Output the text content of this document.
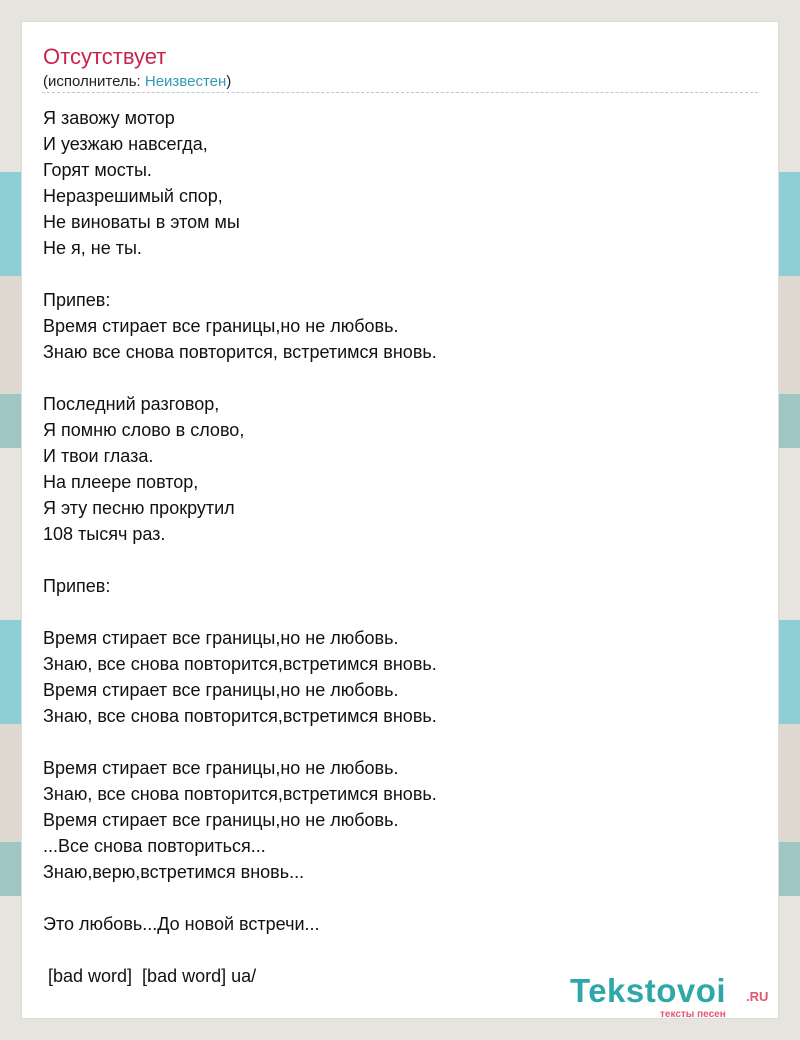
Отсутствует
(исполнитель: Неизвестен)
Я завожу мотор
И уезжаю навсегда,
Горят мосты.
Неразрешимый спор,
Не виноваты в этом мы
Не я, не ты.

Припев:
Время стирает все границы,но не любовь.
Знаю все снова повторится, встретимся вновь.

Последний разговор,
Я помню слово в слово,
И твои глаза.
На плеере повтор,
Я эту песню прокрутил
108 тысяч раз.

Припев:

Время стирает все границы,но не любовь.
Знаю, все снова повторится,встретимся вновь.
Время стирает все границы,но не любовь.
Знаю, все снова повторится,встретимся вновь.

Время стирает все границы,но не любовь.
Знаю, все снова повторится,встретимся вновь.
Время стирает все границы,но не любовь.
...Все снова повториться...
Знаю,верю,встретимся вновь...

Это любовь...До новой встречи...
[bad word]  [bad word] ua/	Tekstovoi .RU
тексты песен
